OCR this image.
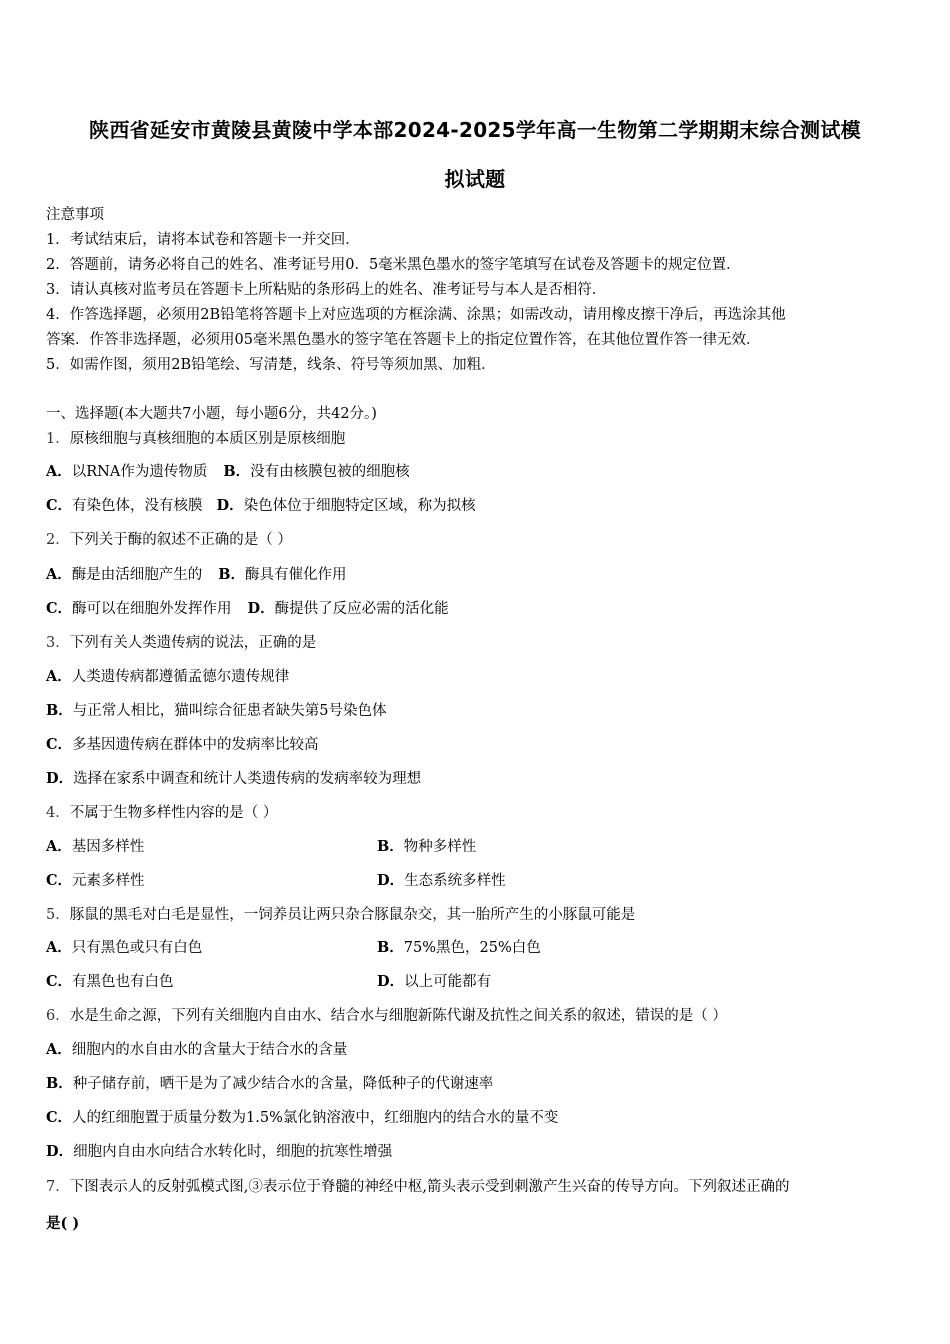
陕西省延安市黄陵县黄陵中学本部2024-2025学年高一生物第二学期期末综合测试模
拟试题
注意事项
1．考试结束后，请将本试卷和答题卡一并交回．
2．答题前，请务必将自己的姓名、准考证号用0．5毫米黑色墨水的签字笔填写在试卷及答题卡的规定位置．
3．请认真核对监考员在答题卡上所粘贴的条形码上的姓名、准考证号与本人是否相符．
4．作答选择题，必须用2B铅笔将答题卡上对应选项的方框涂满、涂黑；如需改动，请用橡皮擦干净后，再选涂其他
答案．作答非选择题，必须用05毫米黑色墨水的签字笔在答题卡上的指定位置作答，在其他位置作答一律无效．
5．如需作图，须用2B铅笔绘、写清楚，线条、符号等须加黑、加粗．
一、选择题(本大题共7小题，每小题6分，共42分。)
1．原核细胞与真核细胞的本质区别是原核细胞
A．以RNA作为遗传物质 B．没有由核膜包被的细胞核
C．有染色体，没有核膜 D．染色体位于细胞特定区域，称为拟核
2．下列关于酶的叙述不正确的是（ ）
A．酶是由活细胞产生的 B．酶具有催化作用
C．酶可以在细胞外发挥作用 D．酶提供了反应必需的活化能
3．下列有关人类遗传病的说法，正确的是
A．人类遗传病都遵循孟德尔遗传规律
B．与正常人相比，猫叫综合征患者缺失第5号染色体
C．多基因遗传病在群体中的发病率比较高
D．选择在家系中调查和统计人类遗传病的发病率较为理想
4．不属于生物多样性内容的是（ ）
A．基因多样性	B．物种多样性
C．元素多样性	D．生态系统多样性
5．豚鼠的黑毛对白毛是显性，一饲养员让两只杂合豚鼠杂交，其一胎所产生的小豚鼠可能是
A．只有黑色或只有白色	B．75%黑色，25%白色
C．有黑色也有白色	D．以上可能都有
6．水是生命之源，下列有关细胞内自由水、结合水与细胞新陈代谢及抗性之间关系的叙述，错误的是（ ）
A．细胞内的水自由水的含量大于结合水的含量
B．种子储存前，晒干是为了减少结合水的含量，降低种子的代谢速率
C．人的红细胞置于质量分数为1.5%氯化钠溶液中，红细胞内的结合水的量不变
D．细胞内自由水向结合水转化时，细胞的抗寒性增强
7．下图表示人的反射弧模式图,③表示位于脊髓的神经中枢,箭头表示受到刺激产生兴奋的传导方向。下列叙述正确的
是( )
